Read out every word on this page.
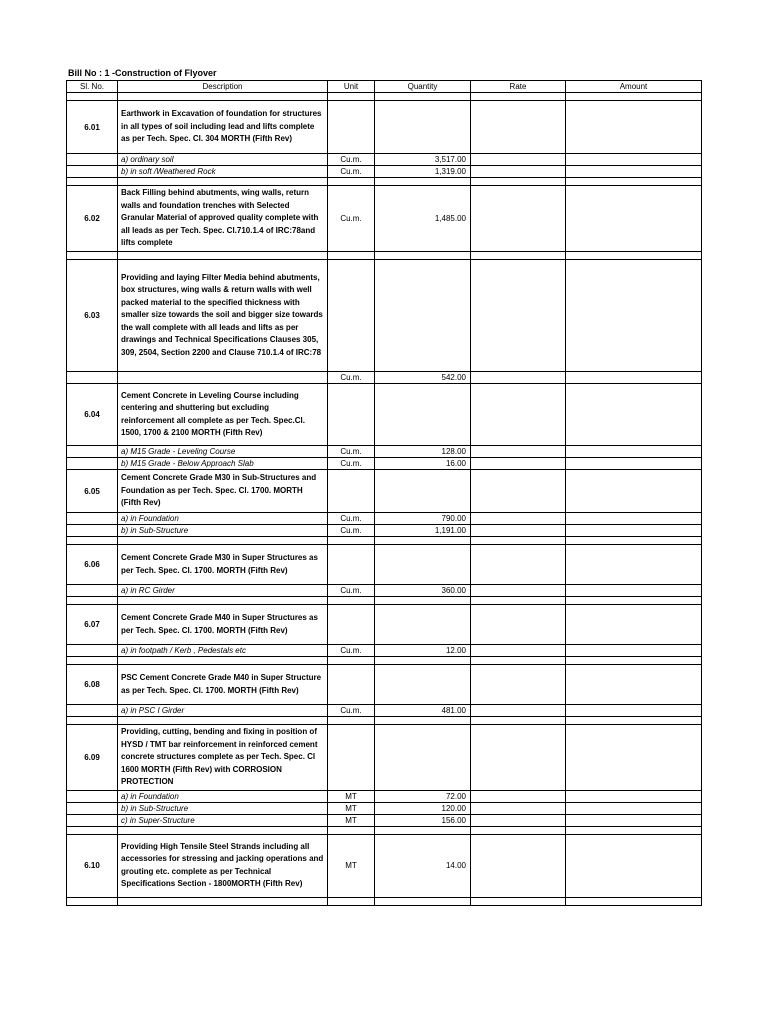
Bill No : 1 -Construction of Flyover
Sl. No.	Description	Unit	Quantity	Rate	Amount

6.01	Earthwork in Excavation of foundation for structures in all types of soil including lead and lifts complete as per Tech. Spec. Cl. 304 MORTH (Fifth Rev)				
	a) ordinary soil	Cu.m.	3,517.00		
	b) in soft /Weathered Rock	Cu.m.	1,319.00		

6.02	Back Filling behind abutments, wing walls, return walls and foundation trenches with Selected Granular Material of approved quality complete with all leads as per Tech. Spec. Cl.710.1.4 of IRC:78and lifts complete	Cu.m.	1,485.00		

6.03	Providing and laying Filter Media behind abutments, box structures, wing walls & return walls with well packed material to the specified thickness with smaller size towards the soil and bigger size towards the wall complete with all leads and lifts as per drawings and Technical Specifications Clauses 305, 309, 2504, Section 2200 and Clause 710.1.4 of IRC:78				
		Cu.m.	542.00		
6.04	Cement Concrete in Leveling Course including centering and shuttering but excluding reinforcement all complete as per Tech. Spec.Cl. 1500, 1700 & 2100 MORTH (Fifth Rev)				
	a) M15 Grade - Leveling Course	Cu.m.	128.00		
	b) M15 Grade - Below Approach Slab	Cu.m.	16.00		
6.05	Cement Concrete Grade M30 in Sub-Structures and Foundation as per Tech. Spec. Cl. 1700. MORTH (Fifth Rev)				
	a) in Foundation	Cu.m.	790.00		
	b) in Sub-Structure	Cu.m.	1,191.00		

6.06	Cement Concrete Grade M30 in Super Structures as per Tech. Spec. Cl. 1700. MORTH (Fifth Rev)				
	a) in RC Girder	Cu.m.	360.00		

6.07	Cement Concrete Grade M40 in Super Structures as per Tech. Spec. Cl. 1700. MORTH (Fifth Rev)				
	a) in footpath / Kerb , Pedestals etc	Cu.m.	12.00		

6.08	PSC Cement Concrete Grade M40 in Super Structure as per Tech. Spec. Cl. 1700. MORTH (Fifth Rev)				
	a) in PSC I Girder	Cu.m.	481.00		

6.09	Providing, cutting, bending and fixing in position of HYSD / TMT bar reinforcement in reinforced cement concrete structures complete as per Tech. Spec. Cl 1600 MORTH (Fifth Rev) with CORROSION PROTECTION				
	a) in Foundation	MT	72.00		
	b) in Sub-Structure	MT	120.00		
	c) in Super-Structure	MT	156.00		

6.10	Providing High Tensile Steel Strands including all accessories for stressing and jacking operations and grouting etc. complete as per Technical Specifications Section - 1800MORTH (Fifth Rev)	MT	14.00		
